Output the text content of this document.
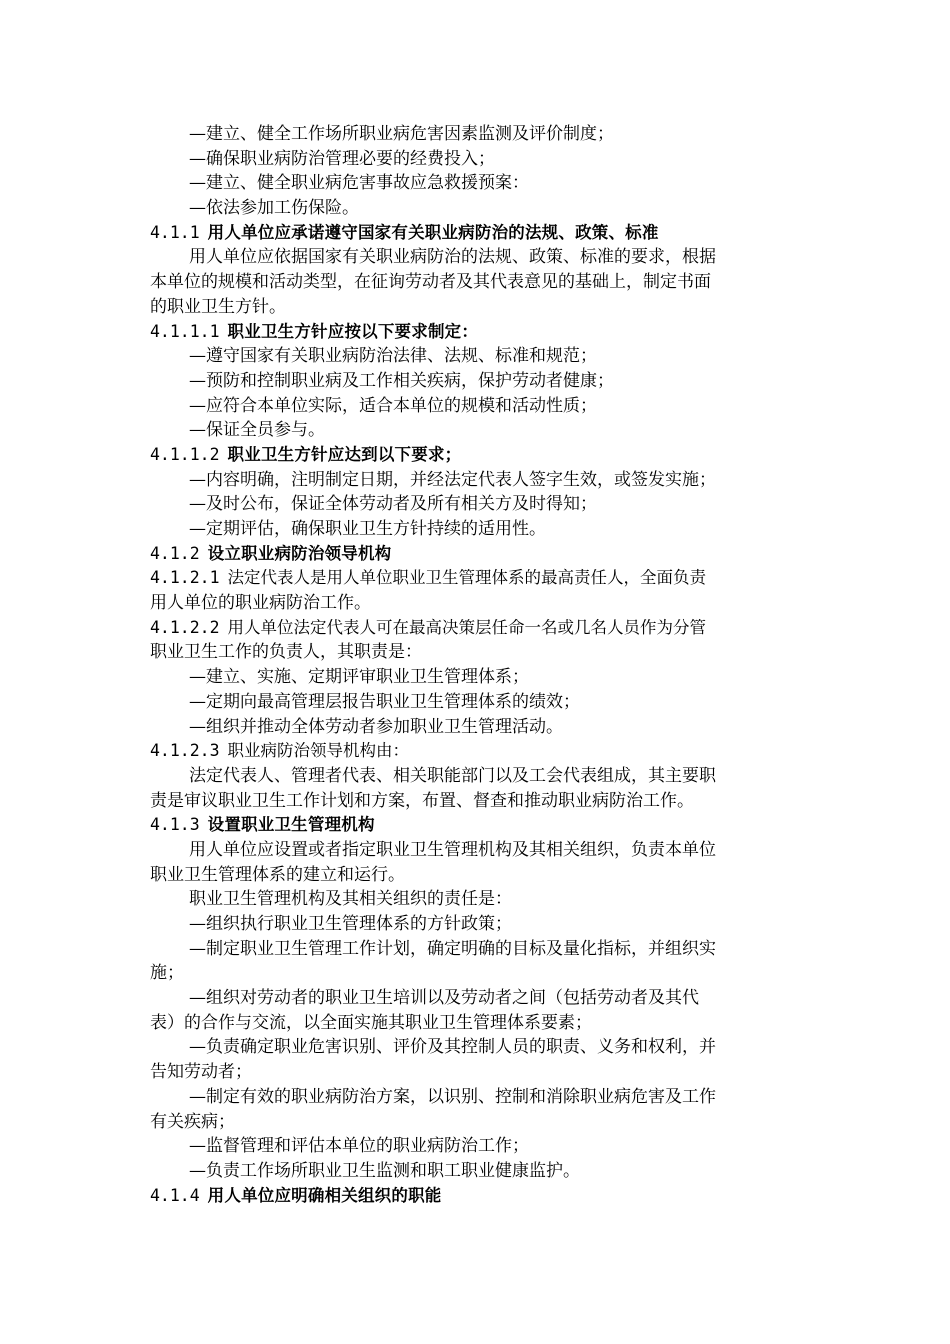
—建立、健全工作场所职业病危害因素监测及评价制度；
—确保职业病防治管理必要的经费投入；
—建立、健全职业病危害事故应急救援预案：
—依法参加工伤保险。
4.1.1 用人单位应承诺遵守国家有关职业病防治的法规、政策、标准
用人单位应依据国家有关职业病防治的法规、政策、标准的要求，根据
本单位的规模和活动类型，在征询劳动者及其代表意见的基础上，制定书面
的职业卫生方针。
4.1.1.1 职业卫生方针应按以下要求制定：
—遵守国家有关职业病防治法律、法规、标准和规范；
—预防和控制职业病及工作相关疾病，保护劳动者健康；
—应符合本单位实际，适合本单位的规模和活动性质；
—保证全员参与。
4.1.1.2 职业卫生方针应达到以下要求；
—内容明确，注明制定日期，并经法定代表人签字生效，或签发实施；
—及时公布，保证全体劳动者及所有相关方及时得知；
—定期评估，确保职业卫生方针持续的适用性。
4.1.2 设立职业病防治领导机构
4.1.2.1 法定代表人是用人单位职业卫生管理体系的最高责任人，全面负责
用人单位的职业病防治工作。
4.1.2.2 用人单位法定代表人可在最高决策层任命一名或几名人员作为分管
职业卫生工作的负责人，其职责是：
—建立、实施、定期评审职业卫生管理体系；
—定期向最高管理层报告职业卫生管理体系的绩效；
—组织并推动全体劳动者参加职业卫生管理活动。
4.1.2.3 职业病防治领导机构由：
法定代表人、管理者代表、相关职能部门以及工会代表组成，其主要职
责是审议职业卫生工作计划和方案，布置、督查和推动职业病防治工作。
4.1.3 设置职业卫生管理机构
用人单位应设置或者指定职业卫生管理机构及其相关组织，负责本单位
职业卫生管理体系的建立和运行。
职业卫生管理机构及其相关组织的责任是：
—组织执行职业卫生管理体系的方针政策；
—制定职业卫生管理工作计划，确定明确的目标及量化指标，并组织实
施；
—组织对劳动者的职业卫生培训以及劳动者之间（包括劳动者及其代
表）的合作与交流，以全面实施其职业卫生管理体系要素；
—负责确定职业危害识别、评价及其控制人员的职责、义务和权利，并
告知劳动者；
—制定有效的职业病防治方案，以识别、控制和消除职业病危害及工作
有关疾病；
—监督管理和评估本单位的职业病防治工作；
—负责工作场所职业卫生监测和职工职业健康监护。
4.1.4 用人单位应明确相关组织的职能
